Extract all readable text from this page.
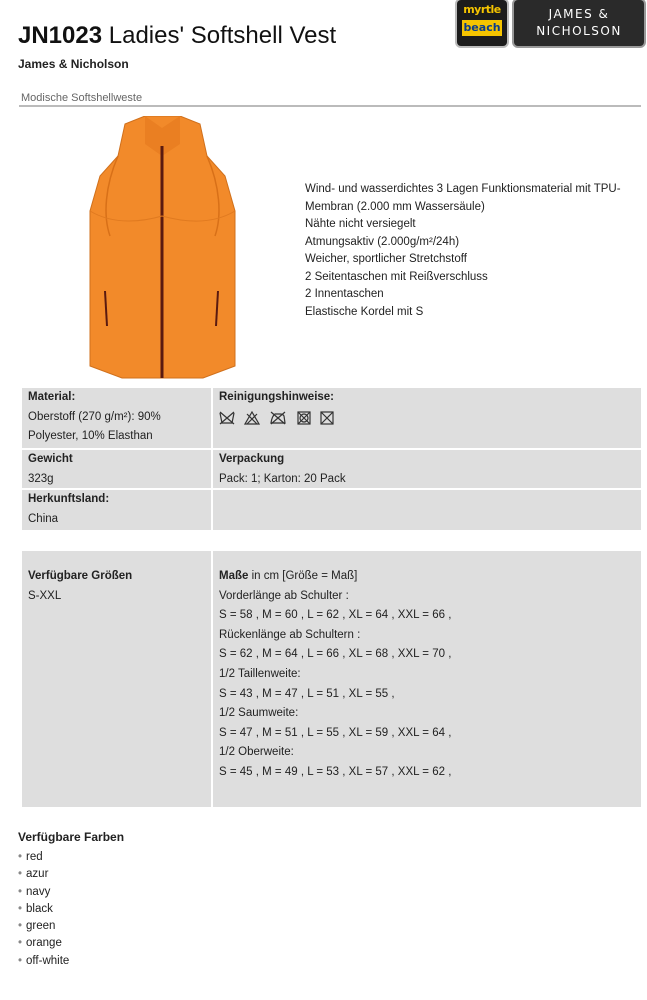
JN1023 Ladies' Softshell Vest
James & Nicholson
myrtle
beach
JAMES &
NICHOLSON
Modische Softshellweste
Wind- und wasserdichtes 3 Lagen Funktionsmaterial mit TPU-
Membran (2.000 mm Wassersäule)
Nähte nicht versiegelt
Atmungsaktiv (2.000g/m²/24h)
Weicher, sportlicher Stretchstoff
2 Seitentaschen mit Reißverschluss
2 Innentaschen
Elastische Kordel mit S
Material:
Oberstoff (270 g/m²): 90%
Polyester, 10% Elasthan
Reinigungshinweise:

Gewicht
323g
Verpackung
Pack: 1; Karton: 20 Pack
Herkunftsland:
China
Verfügbare Größen
S-XXL
Maße in cm [Größe = Maß]
Vorderlänge ab Schulter :
S = 58 , M = 60 , L = 62 , XL = 64 , XXL = 66 ,
Rückenlänge ab Schultern :
S = 62 , M = 64 , L = 66 , XL = 68 , XXL = 70 ,
1/2 Taillenweite:
S = 43 , M = 47 , L = 51 , XL = 55 ,
1/2 Saumweite:
S = 47 , M = 51 , L = 55 , XL = 59 , XXL = 64 ,
1/2 Oberweite:
S = 45 , M = 49 , L = 53 , XL = 57 , XXL = 62 ,
Verfügbare Farben
• red
• azur
• navy
• black
• green
• orange
• off-white
